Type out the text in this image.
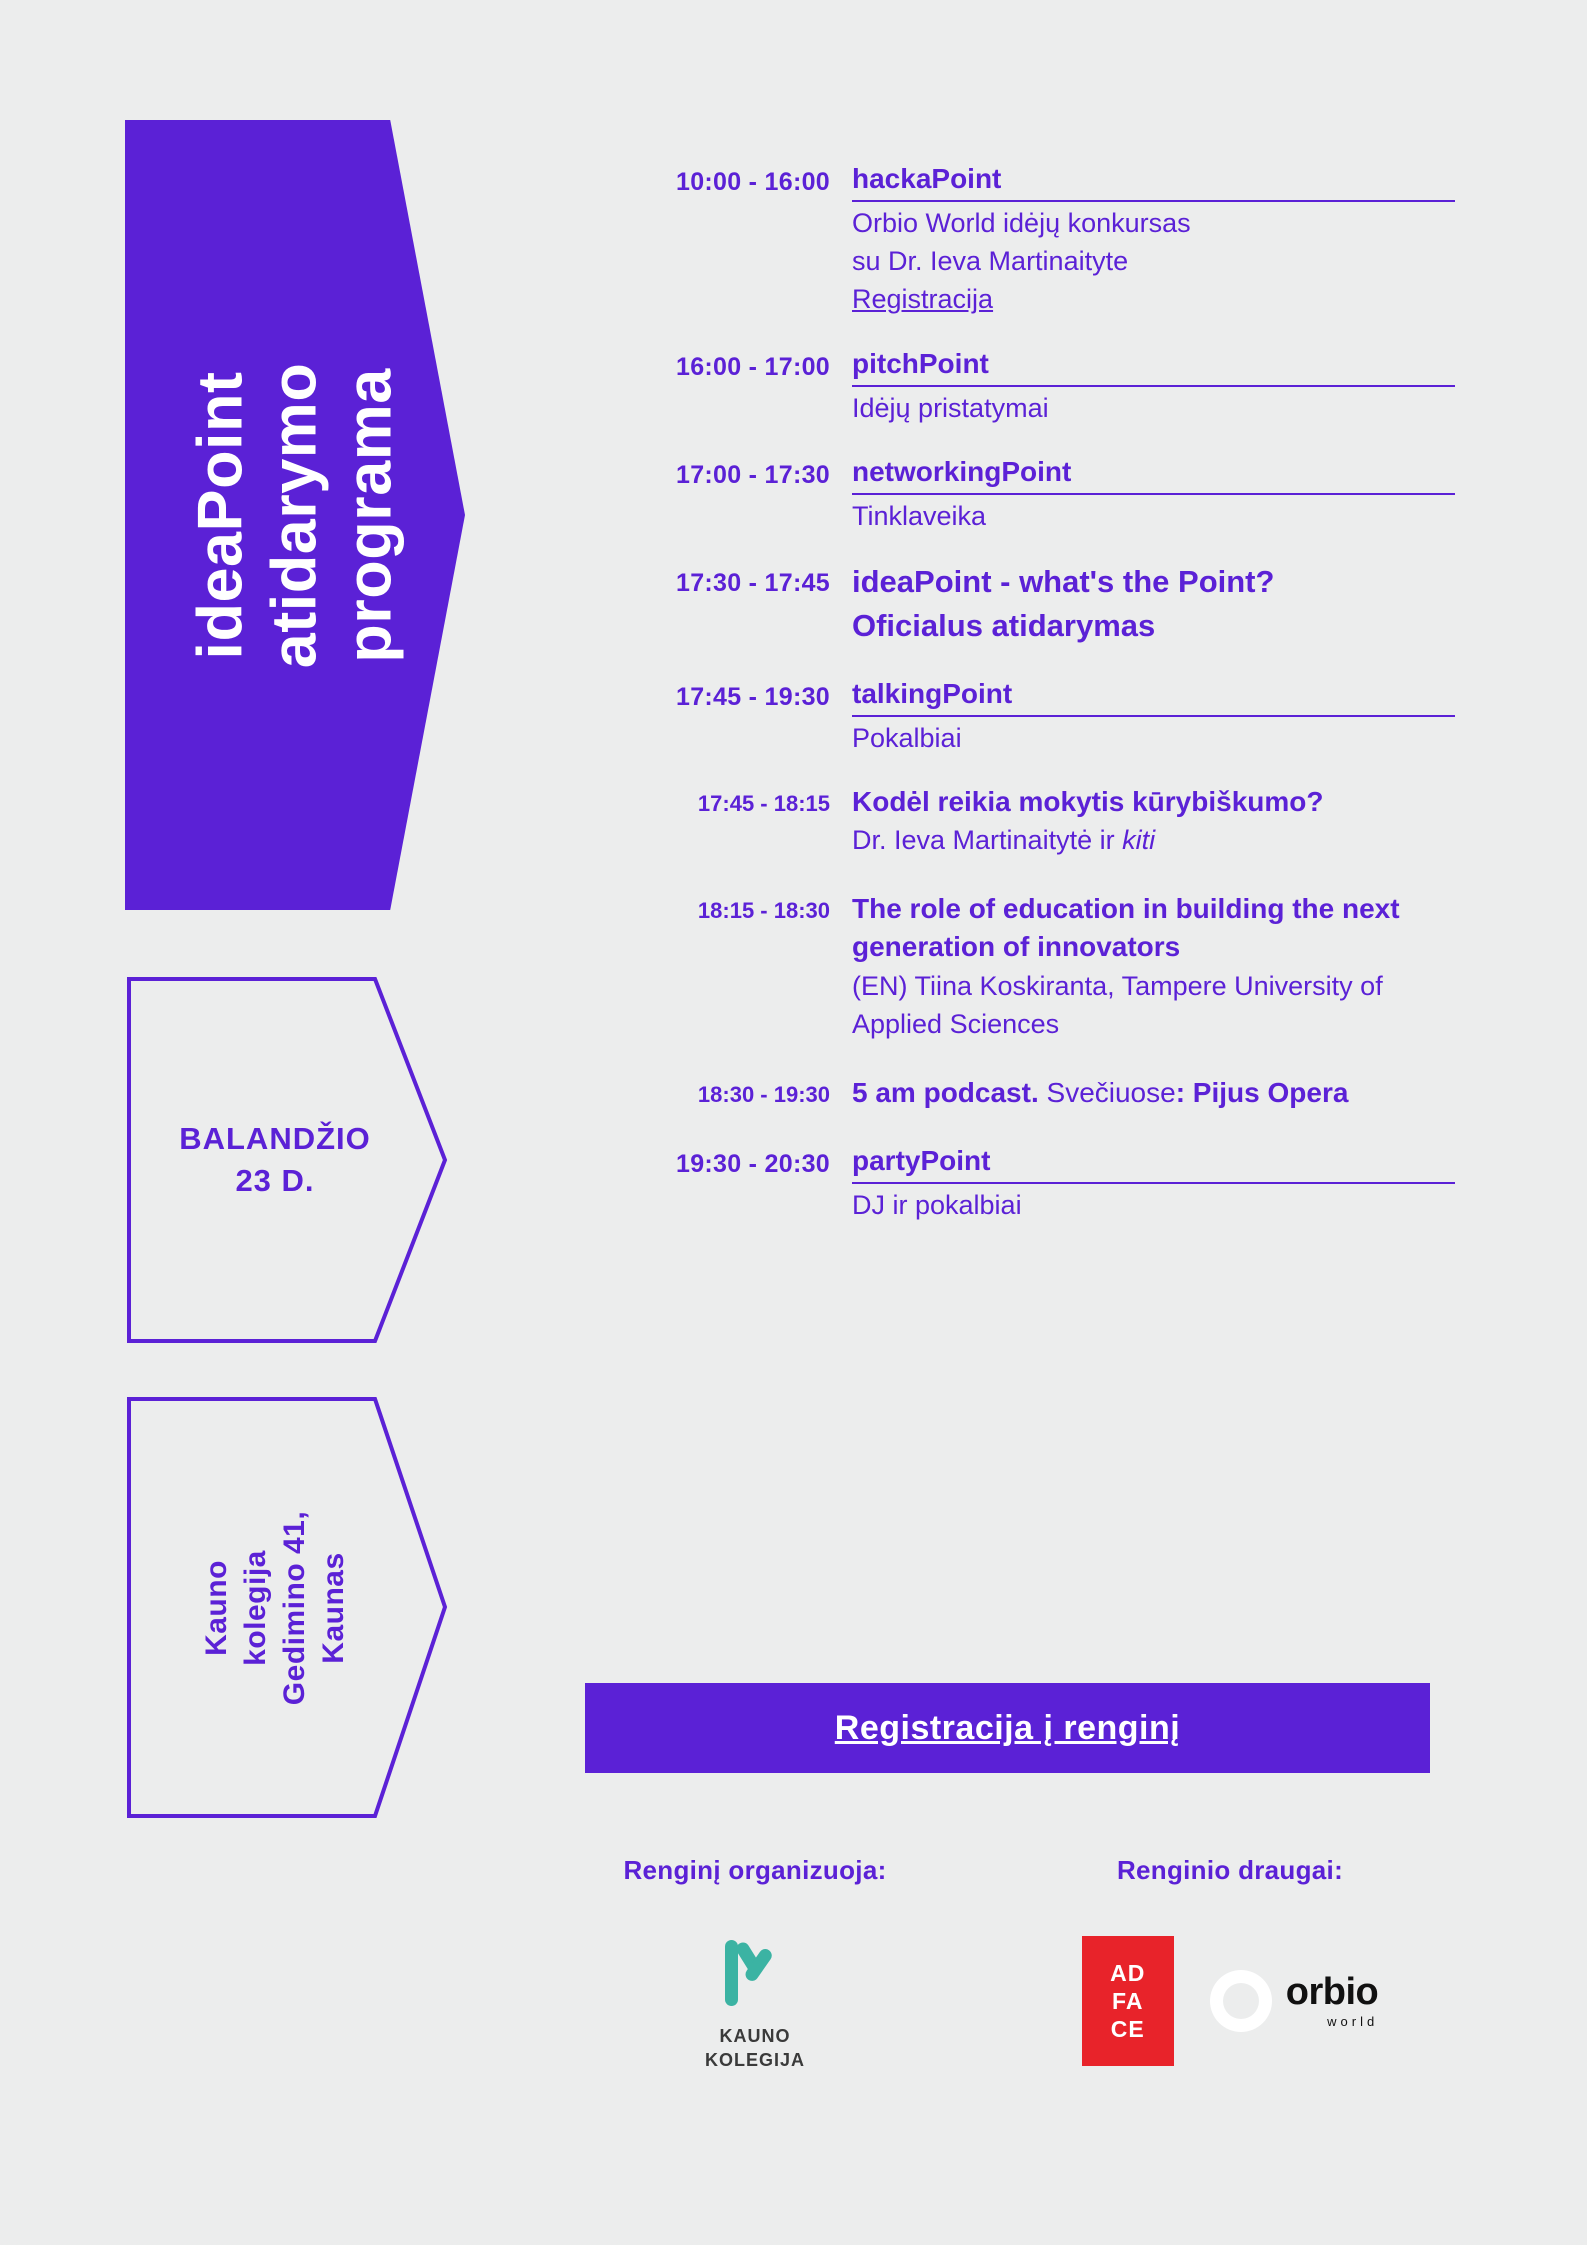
ideaPoint atidarymo programa
BALANDŽIO
23 D.
Kauno kolegija Gedimino 41, Kaunas
10:00 - 16:00 hackaPoint
Orbio World idėjų konkursas
su Dr. Ieva Martinaityte
Registracija
16:00 - 17:00 pitchPoint
Idėjų pristatymai
17:00 - 17:30 networkingPoint
Tinklaveika
17:30 - 17:45 ideaPoint - what's the Point?
Oficialus atidarymas
17:45 - 19:30 talkingPoint
Pokalbiai
17:45 - 18:15 Kodėl reikia mokytis kūrybiškumo?
Dr. Ieva Martinaitytė ir kiti
18:15 - 18:30 The role of education in building the next generation of innovators
(EN) Tiina Koskiranta, Tampere University of Applied Sciences
18:30 - 19:30 5 am podcast. Svečiuose: Pijus Opera
19:30 - 20:30 partyPoint
DJ ir pokalbiai
Registracija į renginį
Renginį organizuoja:
KAUNO
KOLEGIJA
Renginio draugai:
AD
FA
CE
orbio
world
